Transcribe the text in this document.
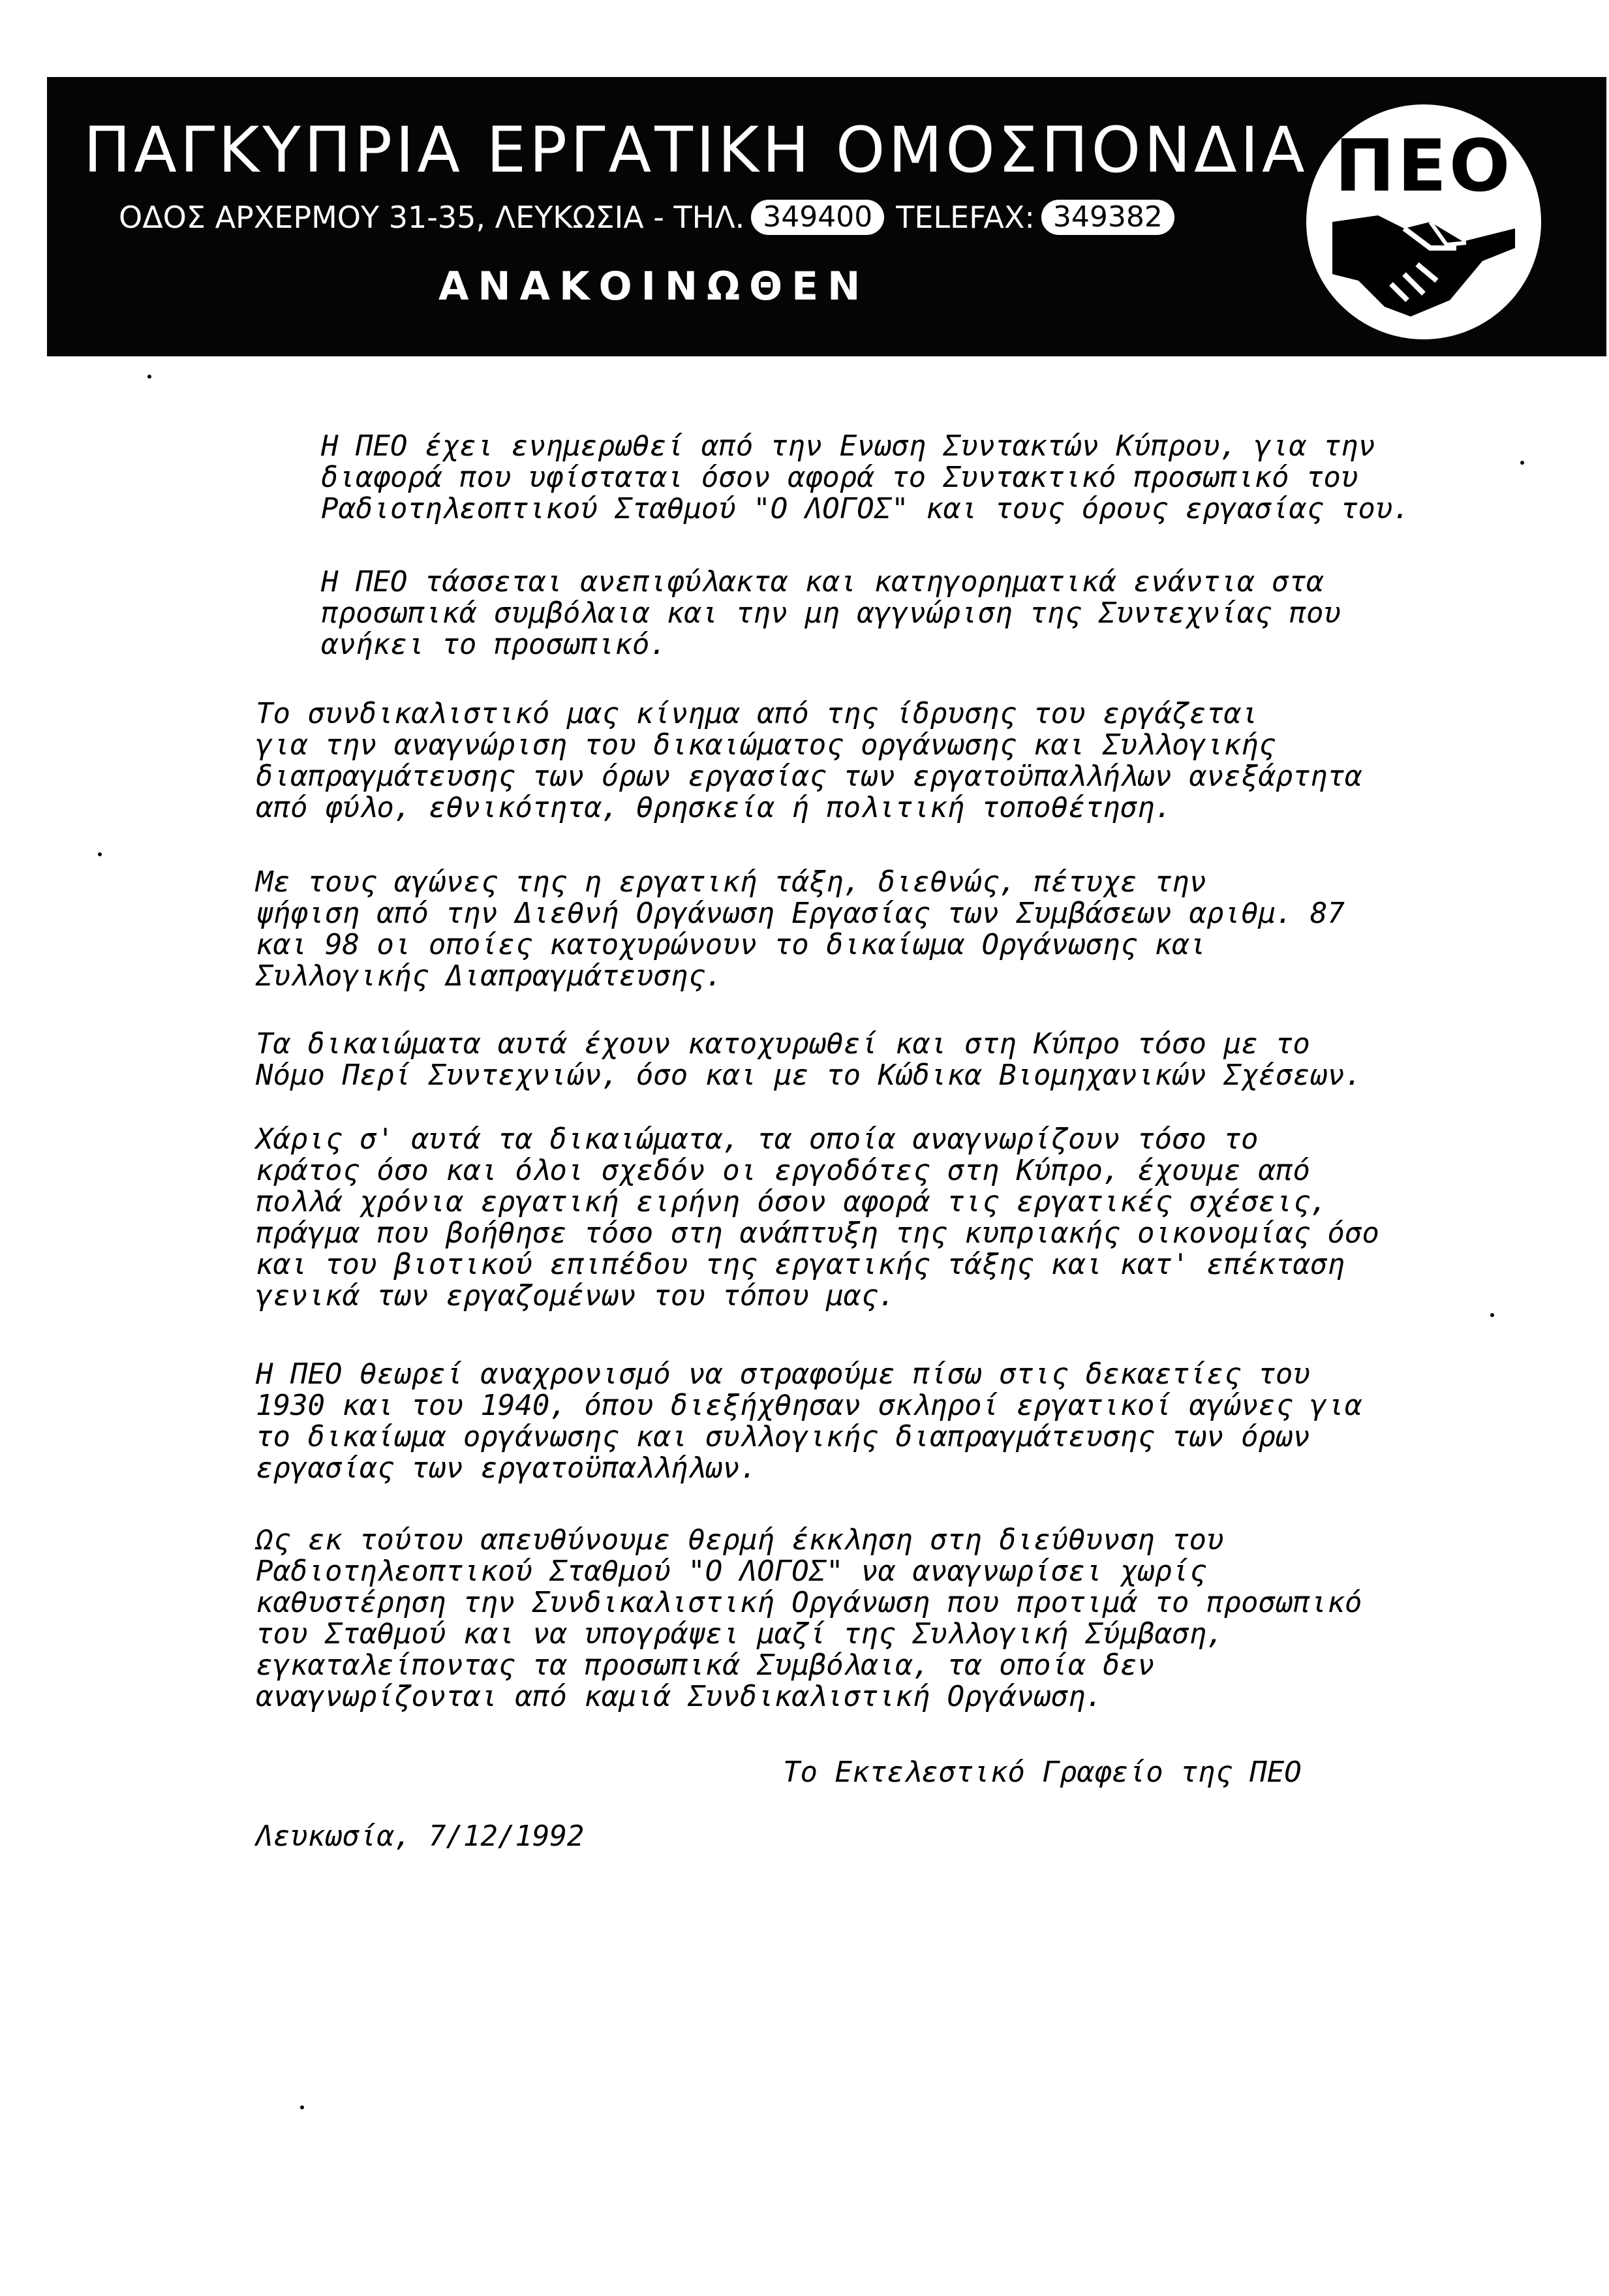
ΠΑΓΚΥΠΡΙΑ ΕΡΓΑΤΙΚΗ ΟΜΟΣΠΟΝΔΙΑ
ΟΔΟΣ ΑΡΧΕΡΜΟΥ 31-35, ΛΕΥΚΩΣΙΑ - ΤΗΛ. 349400 TELEFAX: 349382
ΑΝΑΚΟΙΝΩΘΕΝ
ΠΕΟ
Η ΠΕΟ έχει ενημερωθεί από την Ενωση Συντακτών Κύπρου, για την
διαφορά που υφίσταται όσον αφορά το Συντακτικό προσωπικό του
Ραδιοτηλεοπτικού Σταθμού "Ο ΛΟΓΟΣ" και τους όρους εργασίας του.
Η ΠΕΟ τάσσεται ανεπιφύλακτα και κατηγορηματικά ενάντια στα
προσωπικά συμβόλαια και την μη αγγνώριση της Συντεχνίας που
ανήκει το προσωπικό.
Το συνδικαλιστικό μας κίνημα από της ίδρυσης του εργάζεται
για την αναγνώριση του δικαιώματος οργάνωσης και Συλλογικής
διαπραγμάτευσης των όρων εργασίας των εργατοϋπαλλήλων ανεξάρτητα
από φύλο, εθνικότητα, θρησκεία ή πολιτική τοποθέτηση.
Με τους αγώνες της η εργατική τάξη, διεθνώς, πέτυχε την
ψήφιση από την Διεθνή Οργάνωση Εργασίας των Συμβάσεων αριθμ. 87
και 98 οι οποίες κατοχυρώνουν το δικαίωμα Οργάνωσης και
Συλλογικής Διαπραγμάτευσης.
Τα δικαιώματα αυτά έχουν κατοχυρωθεί και στη Κύπρο τόσο με το
Νόμο Περί Συντεχνιών, όσο και με το Κώδικα Βιομηχανικών Σχέσεων.
Χάρις σ' αυτά τα δικαιώματα, τα οποία αναγνωρίζουν τόσο το
κράτος όσο και όλοι σχεδόν οι εργοδότες στη Κύπρο, έχουμε από
πολλά χρόνια εργατική ειρήνη όσον αφορά τις εργατικές σχέσεις,
πράγμα που βοήθησε τόσο στη ανάπτυξη της κυπριακής οικονομίας όσο
και του βιοτικού επιπέδου της εργατικής τάξης και κατ' επέκταση
γενικά των εργαζομένων του τόπου μας.
Η ΠΕΟ θεωρεί αναχρονισμό να στραφούμε πίσω στις δεκαετίες του
1930 και του 1940, όπου διεξήχθησαν σκληροί εργατικοί αγώνες για
το δικαίωμα οργάνωσης και συλλογικής διαπραγμάτευσης των όρων
εργασίας των εργατοϋπαλλήλων.
Ως εκ τούτου απευθύνουμε θερμή έκκληση στη διεύθυνση του
Ραδιοτηλεοπτικού Σταθμού "Ο ΛΟΓΟΣ" να αναγνωρίσει χωρίς
καθυστέρηση την Συνδικαλιστική Οργάνωση που προτιμά το προσωπικό
του Σταθμού και να υπογράψει μαζί της Συλλογική Σύμβαση,
εγκαταλείποντας τα προσωπικά Συμβόλαια, τα οποία δεν
αναγνωρίζονται από καμιά Συνδικαλιστική Οργάνωση.
Το Εκτελεστικό Γραφείο της ΠΕΟ
Λευκωσία, 7/12/1992
